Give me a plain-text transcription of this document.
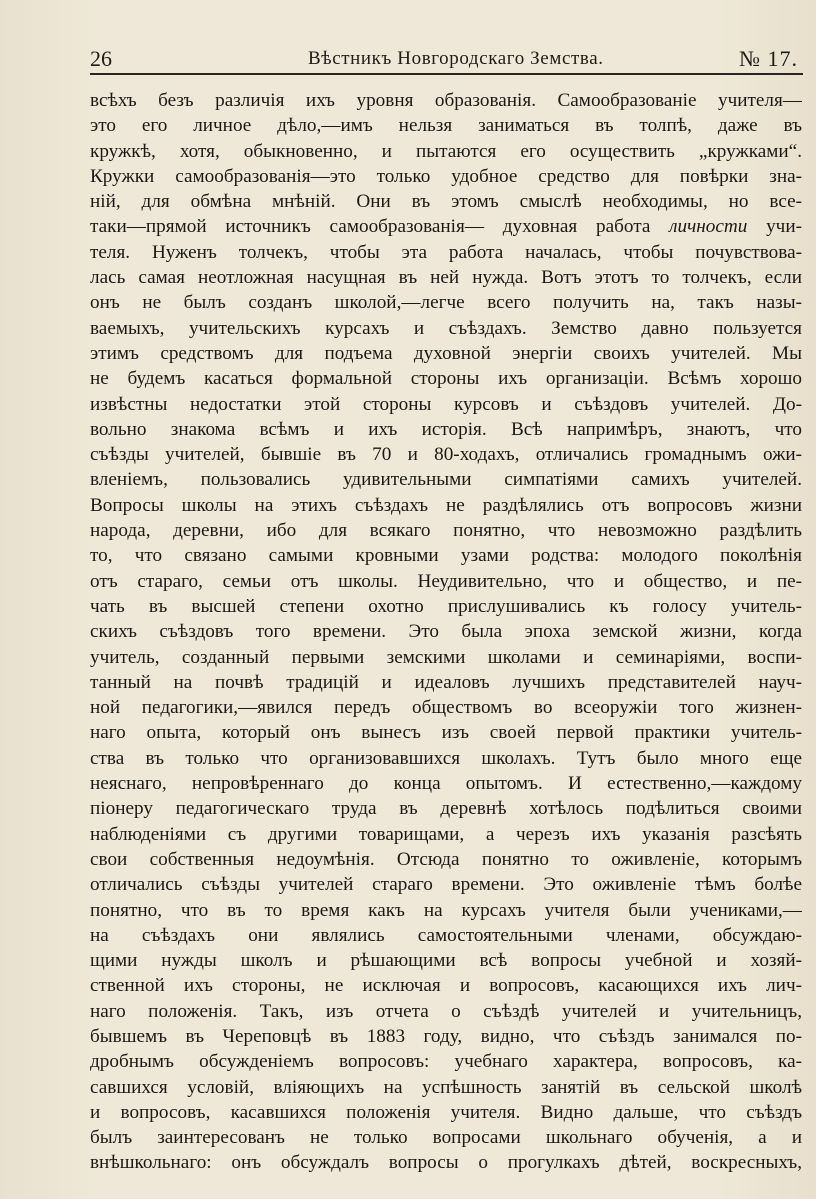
26	Вѣстникъ Новгородскаго Земства.	№ 17.
всѣхъ безъ различія ихъ уровня образованія. Самообразованіе учителя—
это его личное дѣло,—имъ нельзя заниматься въ толпѣ, даже въ
кружкѣ, хотя, обыкновенно, и пытаются его осуществить „кружками“.
Кружки самообразованія—это только удобное средство для повѣрки зна-
ній, для обмѣна мнѣній. Они въ этомъ смыслѣ необходимы, но все-
таки—прямой источникъ самообразованія— духовная работа личности учи-
теля. Нуженъ толчекъ, чтобы эта работа началась, чтобы почувствова-
лась самая неотложная насущная въ ней нужда. Вотъ этотъ то толчекъ, если
онъ не былъ созданъ школой,—легче всего получить на, такъ назы-
ваемыхъ, учительскихъ курсахъ и съѣздахъ. Земство давно пользуется
этимъ средствомъ для подъема духовной энергіи своихъ учителей. Мы
не будемъ касаться формальной стороны ихъ организаціи. Всѣмъ хорошо
извѣстны недостатки этой стороны курсовъ и съѣздовъ учителей. До-
вольно знакома всѣмъ и ихъ исторія. Всѣ напримѣръ, знаютъ, что
съѣзды учителей, бывшіе въ 70 и 80-ходахъ, отличались громаднымъ ожи-
вленіемъ, пользовались удивительными симпатіями самихъ учителей.
Вопросы школы на этихъ съѣздахъ не раздѣлялись отъ вопросовъ жизни
народа, деревни, ибо для всякаго понятно, что невозможно раздѣлить
то, что связано самыми кровными узами родства: молодого поколѣнія
отъ стараго, семьи отъ школы. Неудивительно, что и общество, и пе-
чать въ высшей степени охотно прислушивались къ голосу учитель-
скихъ съѣздовъ того времени. Это была эпоха земской жизни, когда
учитель, созданный первыми земскими школами и семинаріями, воспи-
танный на почвѣ традицій и идеаловъ лучшихъ представителей науч-
ной педагогики,—явился передъ обществомъ во всеоружіи того жизнен-
наго опыта, который онъ вынесъ изъ своей первой практики учитель-
ства въ только что организовавшихся школахъ. Тутъ было много еще
неяснаго, непровѣреннаго до конца опытомъ. И естественно,—каждому
піонеру педагогическаго труда въ деревнѣ хотѣлось подѣлиться своими
наблюденіями съ другими товарищами, а черезъ ихъ указанія разсѣять
свои собственныя недоумѣнія. Отсюда понятно то оживленіе, которымъ
отличались съѣзды учителей стараго времени. Это оживленіе тѣмъ болѣе
понятно, что въ то время какъ на курсахъ учителя были учениками,—
на съѣздахъ они являлись самостоятельными членами, обсуждаю-
щими нужды школъ и рѣшающими всѣ вопросы учебной и хозяй-
ственной ихъ стороны, не исключая и вопросовъ, касающихся ихъ лич-
наго положенія. Такъ, изъ отчета о съѣздѣ учителей и учительницъ,
бывшемъ въ Череповцѣ въ 1883 году, видно, что съѣздъ занимался по-
дробнымъ обсужденіемъ вопросовъ: учебнаго характера, вопросовъ, ка-
савшихся условій, вліяющихъ на успѣшность занятій въ сельской школѣ
и вопросовъ, касавшихся положенія учителя. Видно дальше, что съѣздъ
былъ заинтересованъ не только вопросами школьнаго обученія, а и
внѣшкольнаго: онъ обсуждалъ вопросы о прогулкахъ дѣтей, воскресныхъ,
